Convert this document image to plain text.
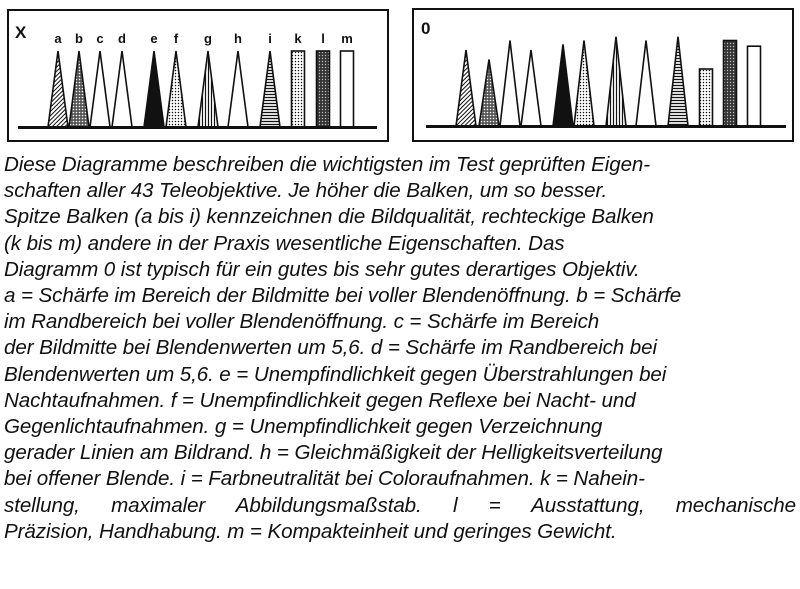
X a b c d e f g h i k l m
0
Diese Diagramme beschreiben die wichtigsten im Test geprüften Eigen-
schaften aller 43 Teleobjektive. Je höher die Balken, um so besser.
Spitze Balken (a bis i) kennzeichnen die Bildqualität, rechteckige Balken
(k bis m) andere in der Praxis wesentliche Eigenschaften. Das
Diagramm 0 ist typisch für ein gutes bis sehr gutes derartiges Objektiv.
a = Schärfe im Bereich der Bildmitte bei voller Blendenöffnung. b = Schärfe
im Randbereich bei voller Blendenöffnung. c = Schärfe im Bereich
der Bildmitte bei Blendenwerten um 5,6. d = Schärfe im Randbereich bei
Blendenwerten um 5,6. e = Unempfindlichkeit gegen Überstrahlungen bei
Nachtaufnahmen. f = Unempfindlichkeit gegen Reflexe bei Nacht- und
Gegenlichtaufnahmen. g = Unempfindlichkeit gegen Verzeichnung
gerader Linien am Bildrand. h = Gleichmäßigkeit der Helligkeitsverteilung
bei offener Blende. i = Farbneutralität bei Coloraufnahmen. k = Nahein-
stellung, maximaler Abbildungsmaßstab. l = Ausstattung, mechanische
Präzision, Handhabung. m = Kompakteinheit und geringes Gewicht.
